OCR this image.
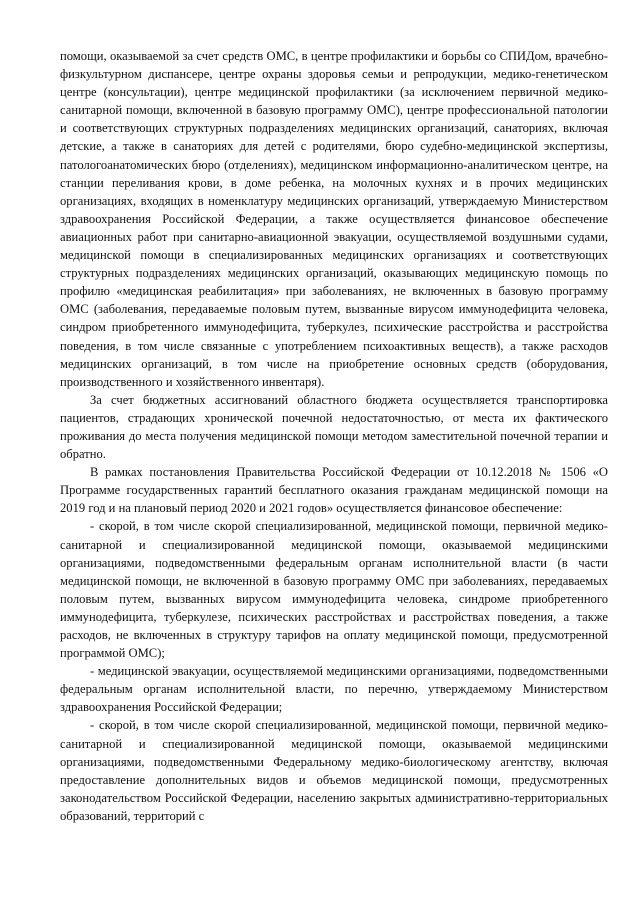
помощи, оказываемой за счет средств ОМС, в центре профилактики и борьбы со СПИДом, врачебно-физкультурном диспансере, центре охраны здоровья семьи и репродукции, медико-генетическом центре (консультации), центре медицинской профилактики (за исключением первичной медико-санитарной помощи, включенной в базовую программу ОМС), центре профессиональной патологии и соответствующих структурных подразделениях медицинских организаций, санаториях, включая детские, а также в санаториях для детей с родителями, бюро судебно-медицинской экспертизы, патологоанатомических бюро (отделениях), медицинском информационно-аналитическом центре, на станции переливания крови, в доме ребенка, на молочных кухнях и в прочих медицинских организациях, входящих в номенклатуру медицинских организаций, утверждаемую Министерством здравоохранения Российской Федерации, а также осуществляется финансовое обеспечение авиационных работ при санитарно-авиационной эвакуации, осуществляемой воздушными судами, медицинской помощи в специализированных медицинских организациях и соответствующих структурных подразделениях медицинских организаций, оказывающих медицинскую помощь по профилю «медицинская реабилитация» при заболеваниях, не включенных в базовую программу ОМС (заболевания, передаваемые половым путем, вызванные вирусом иммунодефицита человека, синдром приобретенного иммунодефицита, туберкулез, психические расстройства и расстройства поведения, в том числе связанные с употреблением психоактивных веществ), а также расходов медицинских организаций, в том числе на приобретение основных средств (оборудования, производственного и хозяйственного инвентаря).

За счет бюджетных ассигнований областного бюджета осуществляется транспортировка пациентов, страдающих хронической почечной недостаточностью, от места их фактического проживания до места получения медицинской помощи методом заместительной почечной терапии и обратно.

В рамках постановления Правительства Российской Федерации от 10.12.2018 № 1506 «О Программе государственных гарантий бесплатного оказания гражданам медицинской помощи на 2019 год и на плановый период 2020 и 2021 годов» осуществляется финансовое обеспечение:

- скорой, в том числе скорой специализированной, медицинской помощи, первичной медико-санитарной и специализированной медицинской помощи, оказываемой медицинскими организациями, подведомственными федеральным органам исполнительной власти (в части медицинской помощи, не включенной в базовую программу ОМС при заболеваниях, передаваемых половым путем, вызванных вирусом иммунодефицита человека, синдроме приобретенного иммунодефицита, туберкулезе, психических расстройствах и расстройствах поведения, а также расходов, не включенных в структуру тарифов на оплату медицинской помощи, предусмотренной программой ОМС);

- медицинской эвакуации, осуществляемой медицинскими организациями, подведомственными федеральным органам исполнительной власти, по перечню, утверждаемому Министерством здравоохранения Российской Федерации;

- скорой, в том числе скорой специализированной, медицинской помощи, первичной медико-санитарной и специализированной медицинской помощи, оказываемой медицинскими организациями, подведомственными Федеральному медико-биологическому агентству, включая предоставление дополнительных видов и объемов медицинской помощи, предусмотренных законодательством Российской Федерации, населению закрытых административно-территориальных образований, территорий с
